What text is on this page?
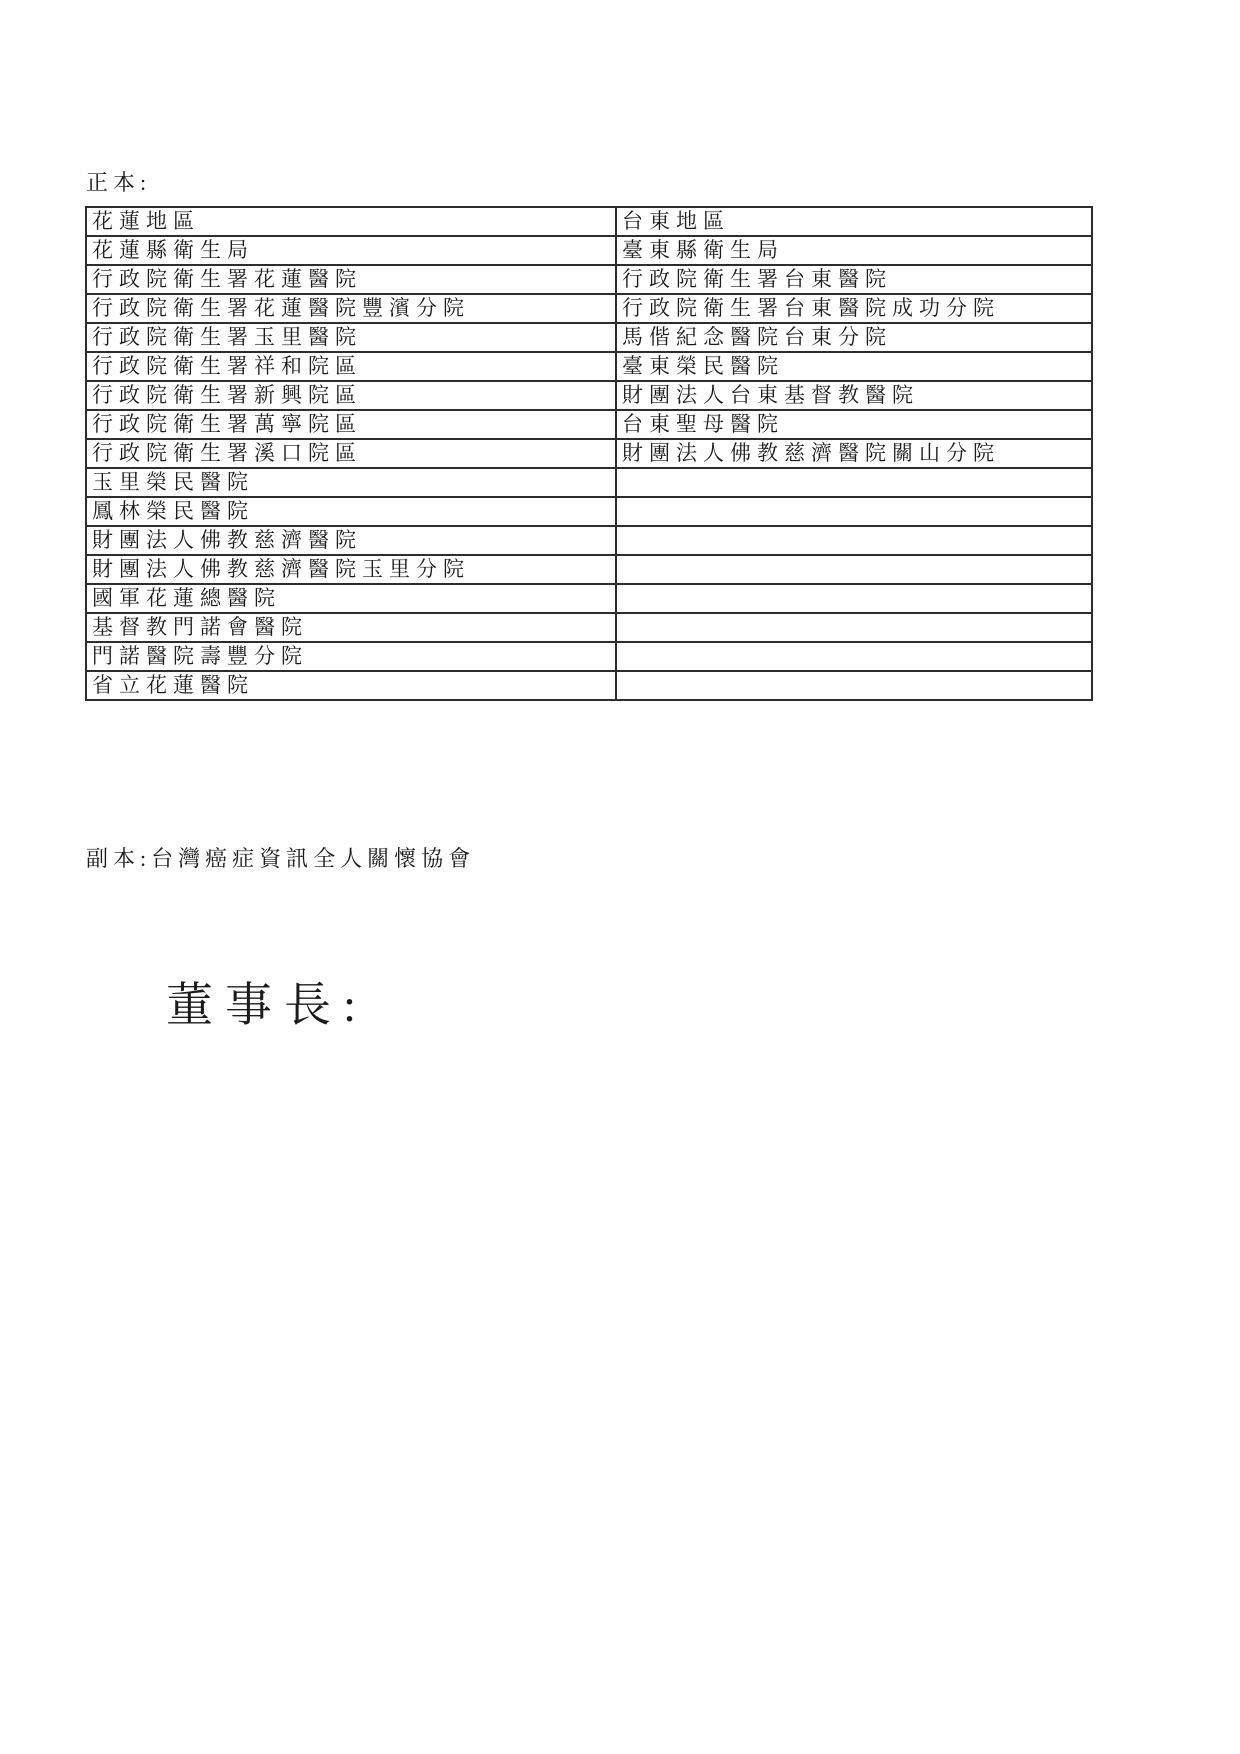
正本:
花蓮地區	台東地區
花蓮縣衛生局	臺東縣衛生局
行政院衛生署花蓮醫院	行政院衛生署台東醫院
行政院衛生署花蓮醫院豐濱分院	行政院衛生署台東醫院成功分院
行政院衛生署玉里醫院	馬偕紀念醫院台東分院
行政院衛生署祥和院區	臺東榮民醫院
行政院衛生署新興院區	財團法人台東基督教醫院
行政院衛生署萬寧院區	台東聖母醫院
行政院衛生署溪口院區	財團法人佛教慈濟醫院關山分院
玉里榮民醫院	
鳳林榮民醫院	
財團法人佛教慈濟醫院	
財團法人佛教慈濟醫院玉里分院	
國軍花蓮總醫院	
基督教門諾會醫院	
門諾醫院壽豐分院	
省立花蓮醫院	
副本:台灣癌症資訊全人關懷協會
董事長:
